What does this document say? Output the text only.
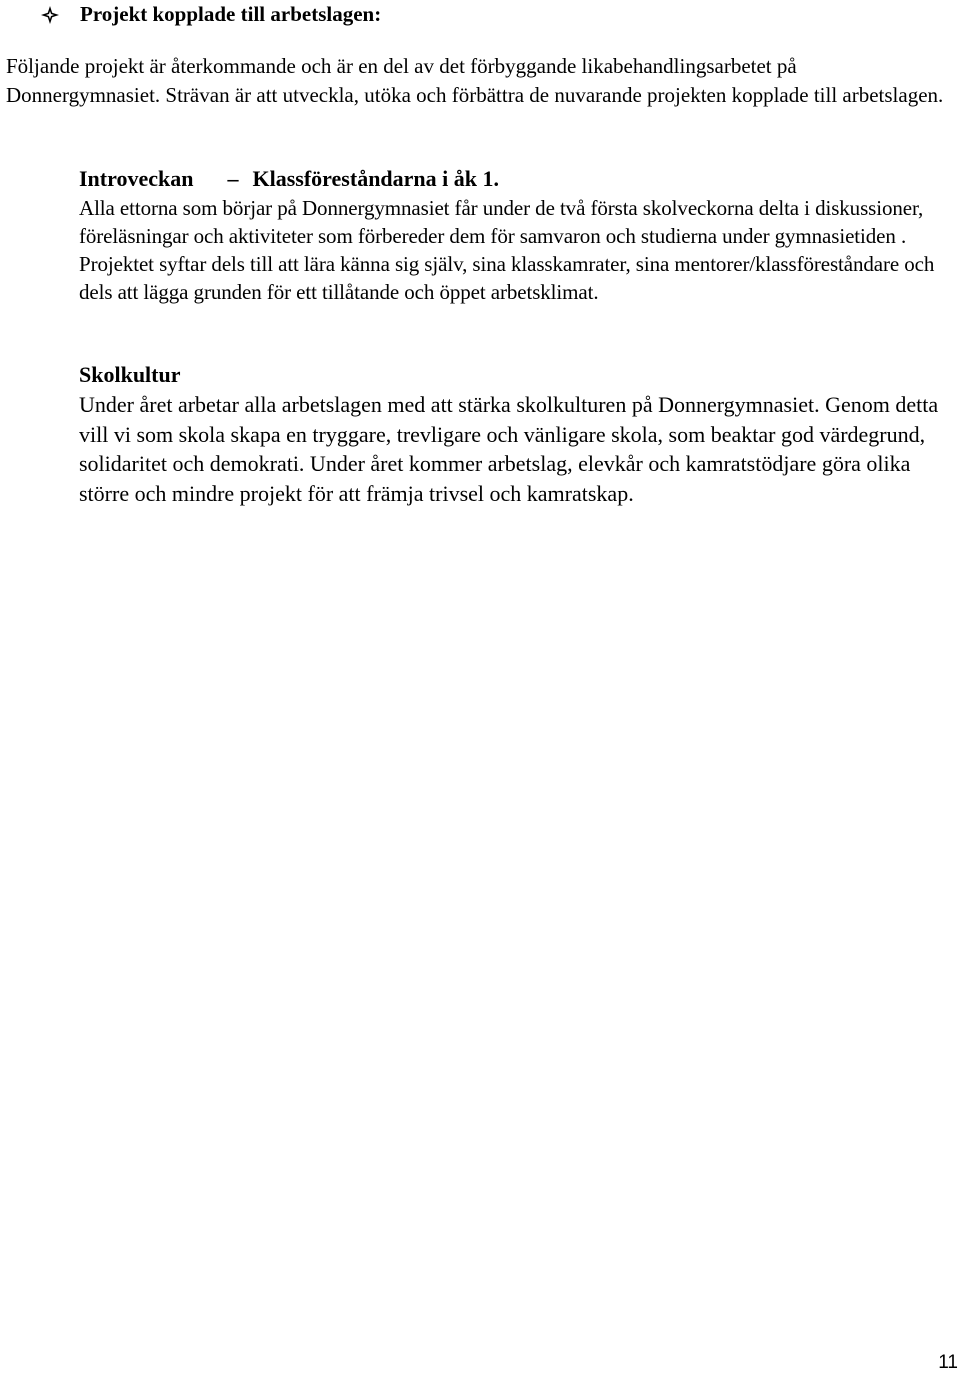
Projekt kopplade till arbetslagen:
Följande projekt är återkommande och är en del av det förbyggande likabehandlingsarbetet på Donnergymnasiet. Strävan är att utveckla, utöka och förbättra de nuvarande projekten kopplade till arbetslagen.
Introveckan – Klassföreståndarna i åk 1.
Alla ettorna som börjar på Donnergymnasiet får under de två första skolveckorna delta i diskussioner, föreläsningar och aktiviteter som förbereder dem för samvaron och studierna under gymnasietiden . Projektet syftar dels till att lära känna sig själv, sina klasskamrater, sina mentorer/klassföreståndare och dels att lägga grunden för ett tillåtande och öppet arbetsklimat.
Skolkultur
Under året arbetar alla arbetslagen med att stärka skolkulturen på Donnergymnasiet. Genom detta vill vi som skola skapa en tryggare, trevligare och vänligare skola, som beaktar god värdegrund, solidaritet och demokrati. Under året kommer arbetslag, elevkår och kamratstödjare göra olika större och mindre projekt för att främja trivsel och kamratskap.
11
